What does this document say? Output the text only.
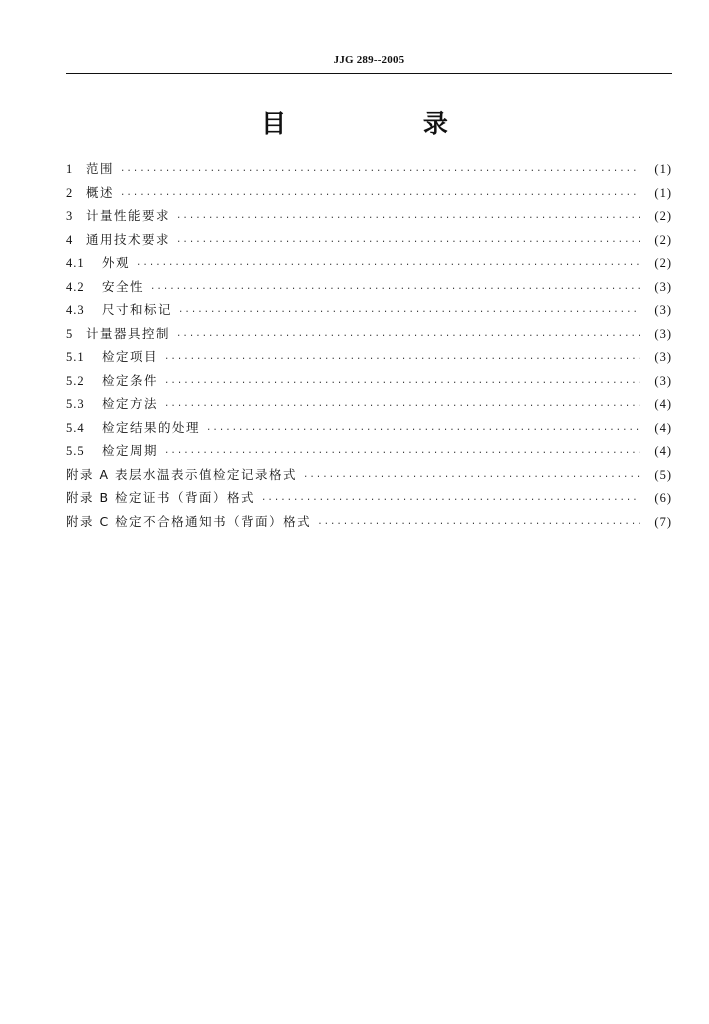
JJG 289--2005
目 录
1	范围 ·····	(1)
2	概述 ·····	(1)
3	计量性能要求 ·····	(2)
4	通用技术要求 ·····	(2)
4.1	外观 ·····	(2)
4.2	安全性 ·····	(3)
4.3	尺寸和标记 ·····	(3)
5	计量器具控制 ·····	(3)
5.1	检定项目 ·····	(3)
5.2	检定条件 ·····	(3)
5.3	检定方法 ·····	(4)
5.4	检定结果的处理 ·····	(4)
5.5	检定周期 ·····	(4)
附录 A 表层水温表示值检定记录格式 ·····	(5)
附录 B 检定证书（背面）格式 ·····	(6)
附录 C 检定不合格通知书（背面）格式 ·····	(7)
